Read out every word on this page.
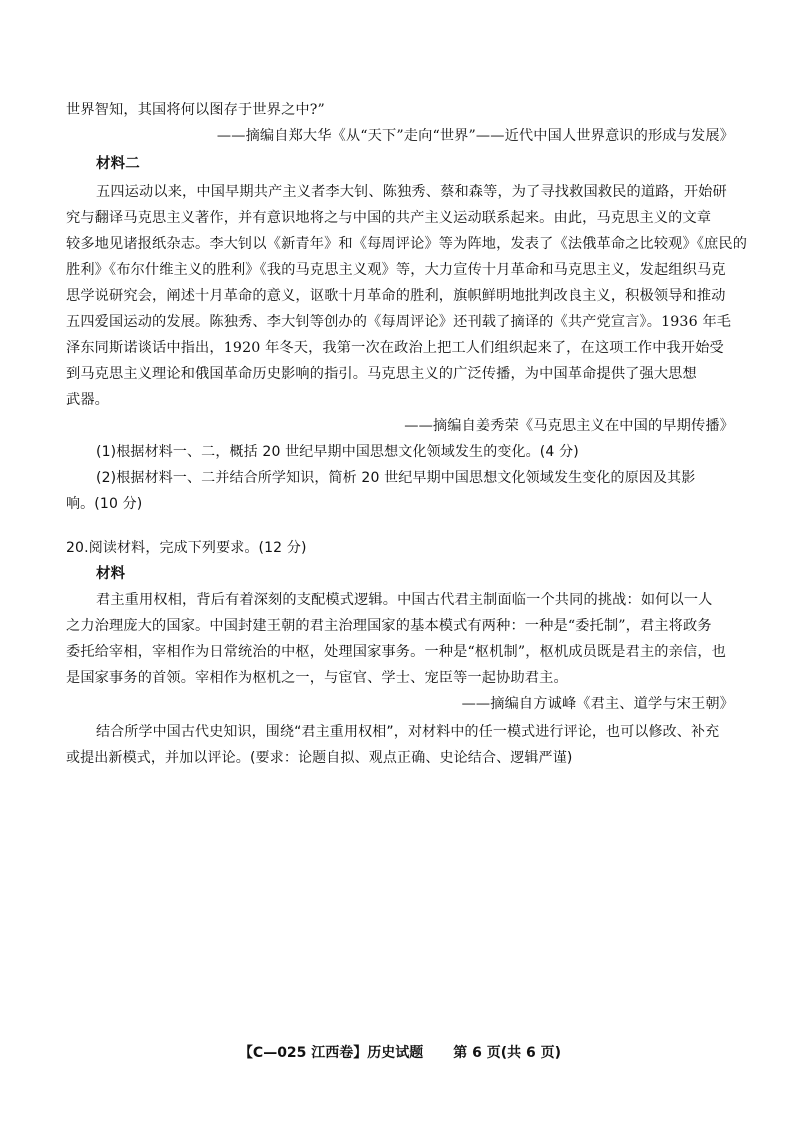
世界智知，其国将何以图存于世界之中?”
——摘编自郑大华《从“天下”走向“世界”——近代中国人世界意识的形成与发展》
材料二
五四运动以来，中国早期共产主义者李大钊、陈独秀、蔡和森等，为了寻找救国救民的道路，开始研
究与翻译马克思主义著作，并有意识地将之与中国的共产主义运动联系起来。由此，马克思主义的文章
较多地见诸报纸杂志。李大钊以《新青年》和《每周评论》等为阵地，发表了《法俄革命之比较观》《庶民的
胜利》《布尔什维主义的胜利》《我的马克思主义观》等，大力宣传十月革命和马克思主义，发起组织马克
思学说研究会，阐述十月革命的意义，讴歌十月革命的胜利，旗帜鲜明地批判改良主义，积极领导和推动
五四爱国运动的发展。陈独秀、李大钊等创办的《每周评论》还刊载了摘译的《共产党宣言》。1936 年毛
泽东同斯诺谈话中指出，1920 年冬天，我第一次在政治上把工人们组织起来了，在这项工作中我开始受
到马克思主义理论和俄国革命历史影响的指引。马克思主义的广泛传播，为中国革命提供了强大思想
武器。
——摘编自姜秀荣《马克思主义在中国的早期传播》
(1)根据材料一、二，概括 20 世纪早期中国思想文化领域发生的变化。(4 分)
(2)根据材料一、二并结合所学知识，简析 20 世纪早期中国思想文化领域发生变化的原因及其影
响。(10 分)
20.阅读材料，完成下列要求。(12 分)
材料
君主重用权相，背后有着深刻的支配模式逻辑。中国古代君主制面临一个共同的挑战：如何以一人
之力治理庞大的国家。中国封建王朝的君主治理国家的基本模式有两种：一种是“委托制”，君主将政务
委托给宰相，宰相作为日常统治的中枢，处理国家事务。一种是“枢机制”，枢机成员既是君主的亲信，也
是国家事务的首领。宰相作为枢机之一，与宦官、学士、宠臣等一起协助君主。
——摘编自方诚峰《君主、道学与宋王朝》
结合所学中国古代史知识，围绕“君主重用权相”，对材料中的任一模式进行评论，也可以修改、补充
或提出新模式，并加以评论。(要求：论题自拟、观点正确、史论结合、逻辑严谨)
【C—025 江西卷】历史试题 第 6 页(共 6 页)
